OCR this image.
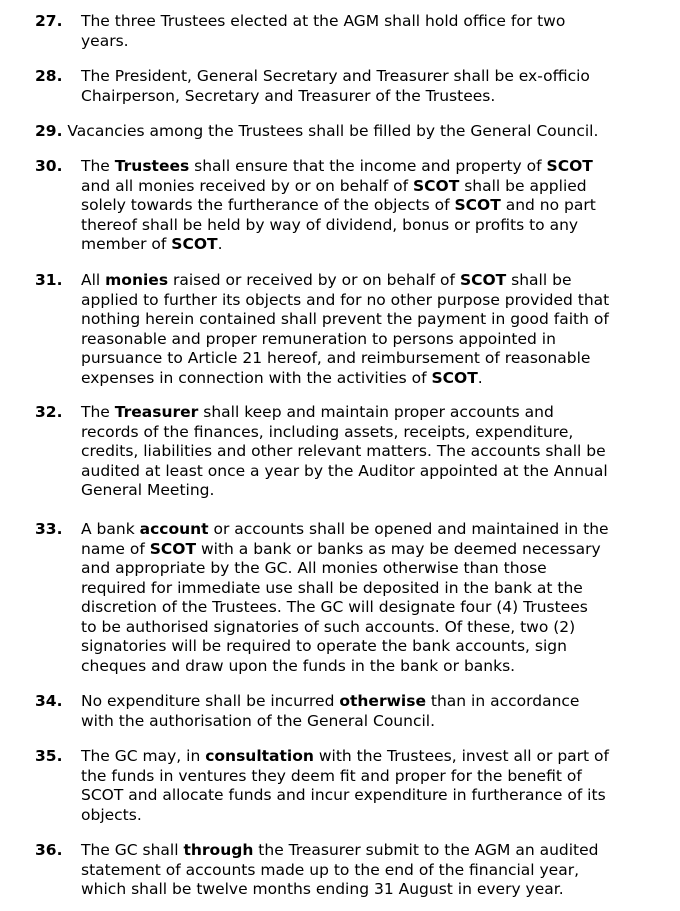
27. The three Trustees elected at the AGM shall hold office for two
years.
28. The President, General Secretary and Treasurer shall be ex-officio
Chairperson, Secretary and Treasurer of the Trustees.
29. Vacancies among the Trustees shall be filled by the General Council.
30. The Trustees shall ensure that the income and property of SCOT
and all monies received by or on behalf of SCOT shall be applied
solely towards the furtherance of the objects of SCOT and no part
thereof shall be held by way of dividend, bonus or profits to any
member of SCOT.
31. All monies raised or received by or on behalf of SCOT shall be
applied to further its objects and for no other purpose provided that
nothing herein contained shall prevent the payment in good faith of
reasonable and proper remuneration to persons appointed in
pursuance to Article 21 hereof, and reimbursement of reasonable
expenses in connection with the activities of SCOT.
32. The Treasurer shall keep and maintain proper accounts and
records of the finances, including assets, receipts, expenditure,
credits, liabilities and other relevant matters. The accounts shall be
audited at least once a year by the Auditor appointed at the Annual
General Meeting.
33. A bank account or accounts shall be opened and maintained in the
name of SCOT with a bank or banks as may be deemed necessary
and appropriate by the GC. All monies otherwise than those
required for immediate use shall be deposited in the bank at the
discretion of the Trustees. The GC will designate four (4) Trustees
to be authorised signatories of such accounts. Of these, two (2)
signatories will be required to operate the bank accounts, sign
cheques and draw upon the funds in the bank or banks.
34. No expenditure shall be incurred otherwise than in accordance
with the authorisation of the General Council.
35. The GC may, in consultation with the Trustees, invest all or part of
the funds in ventures they deem fit and proper for the benefit of
SCOT and allocate funds and incur expenditure in furtherance of its
objects.
36. The GC shall through the Treasurer submit to the AGM an audited
statement of accounts made up to the end of the financial year,
which shall be twelve months ending 31 August in every year.
